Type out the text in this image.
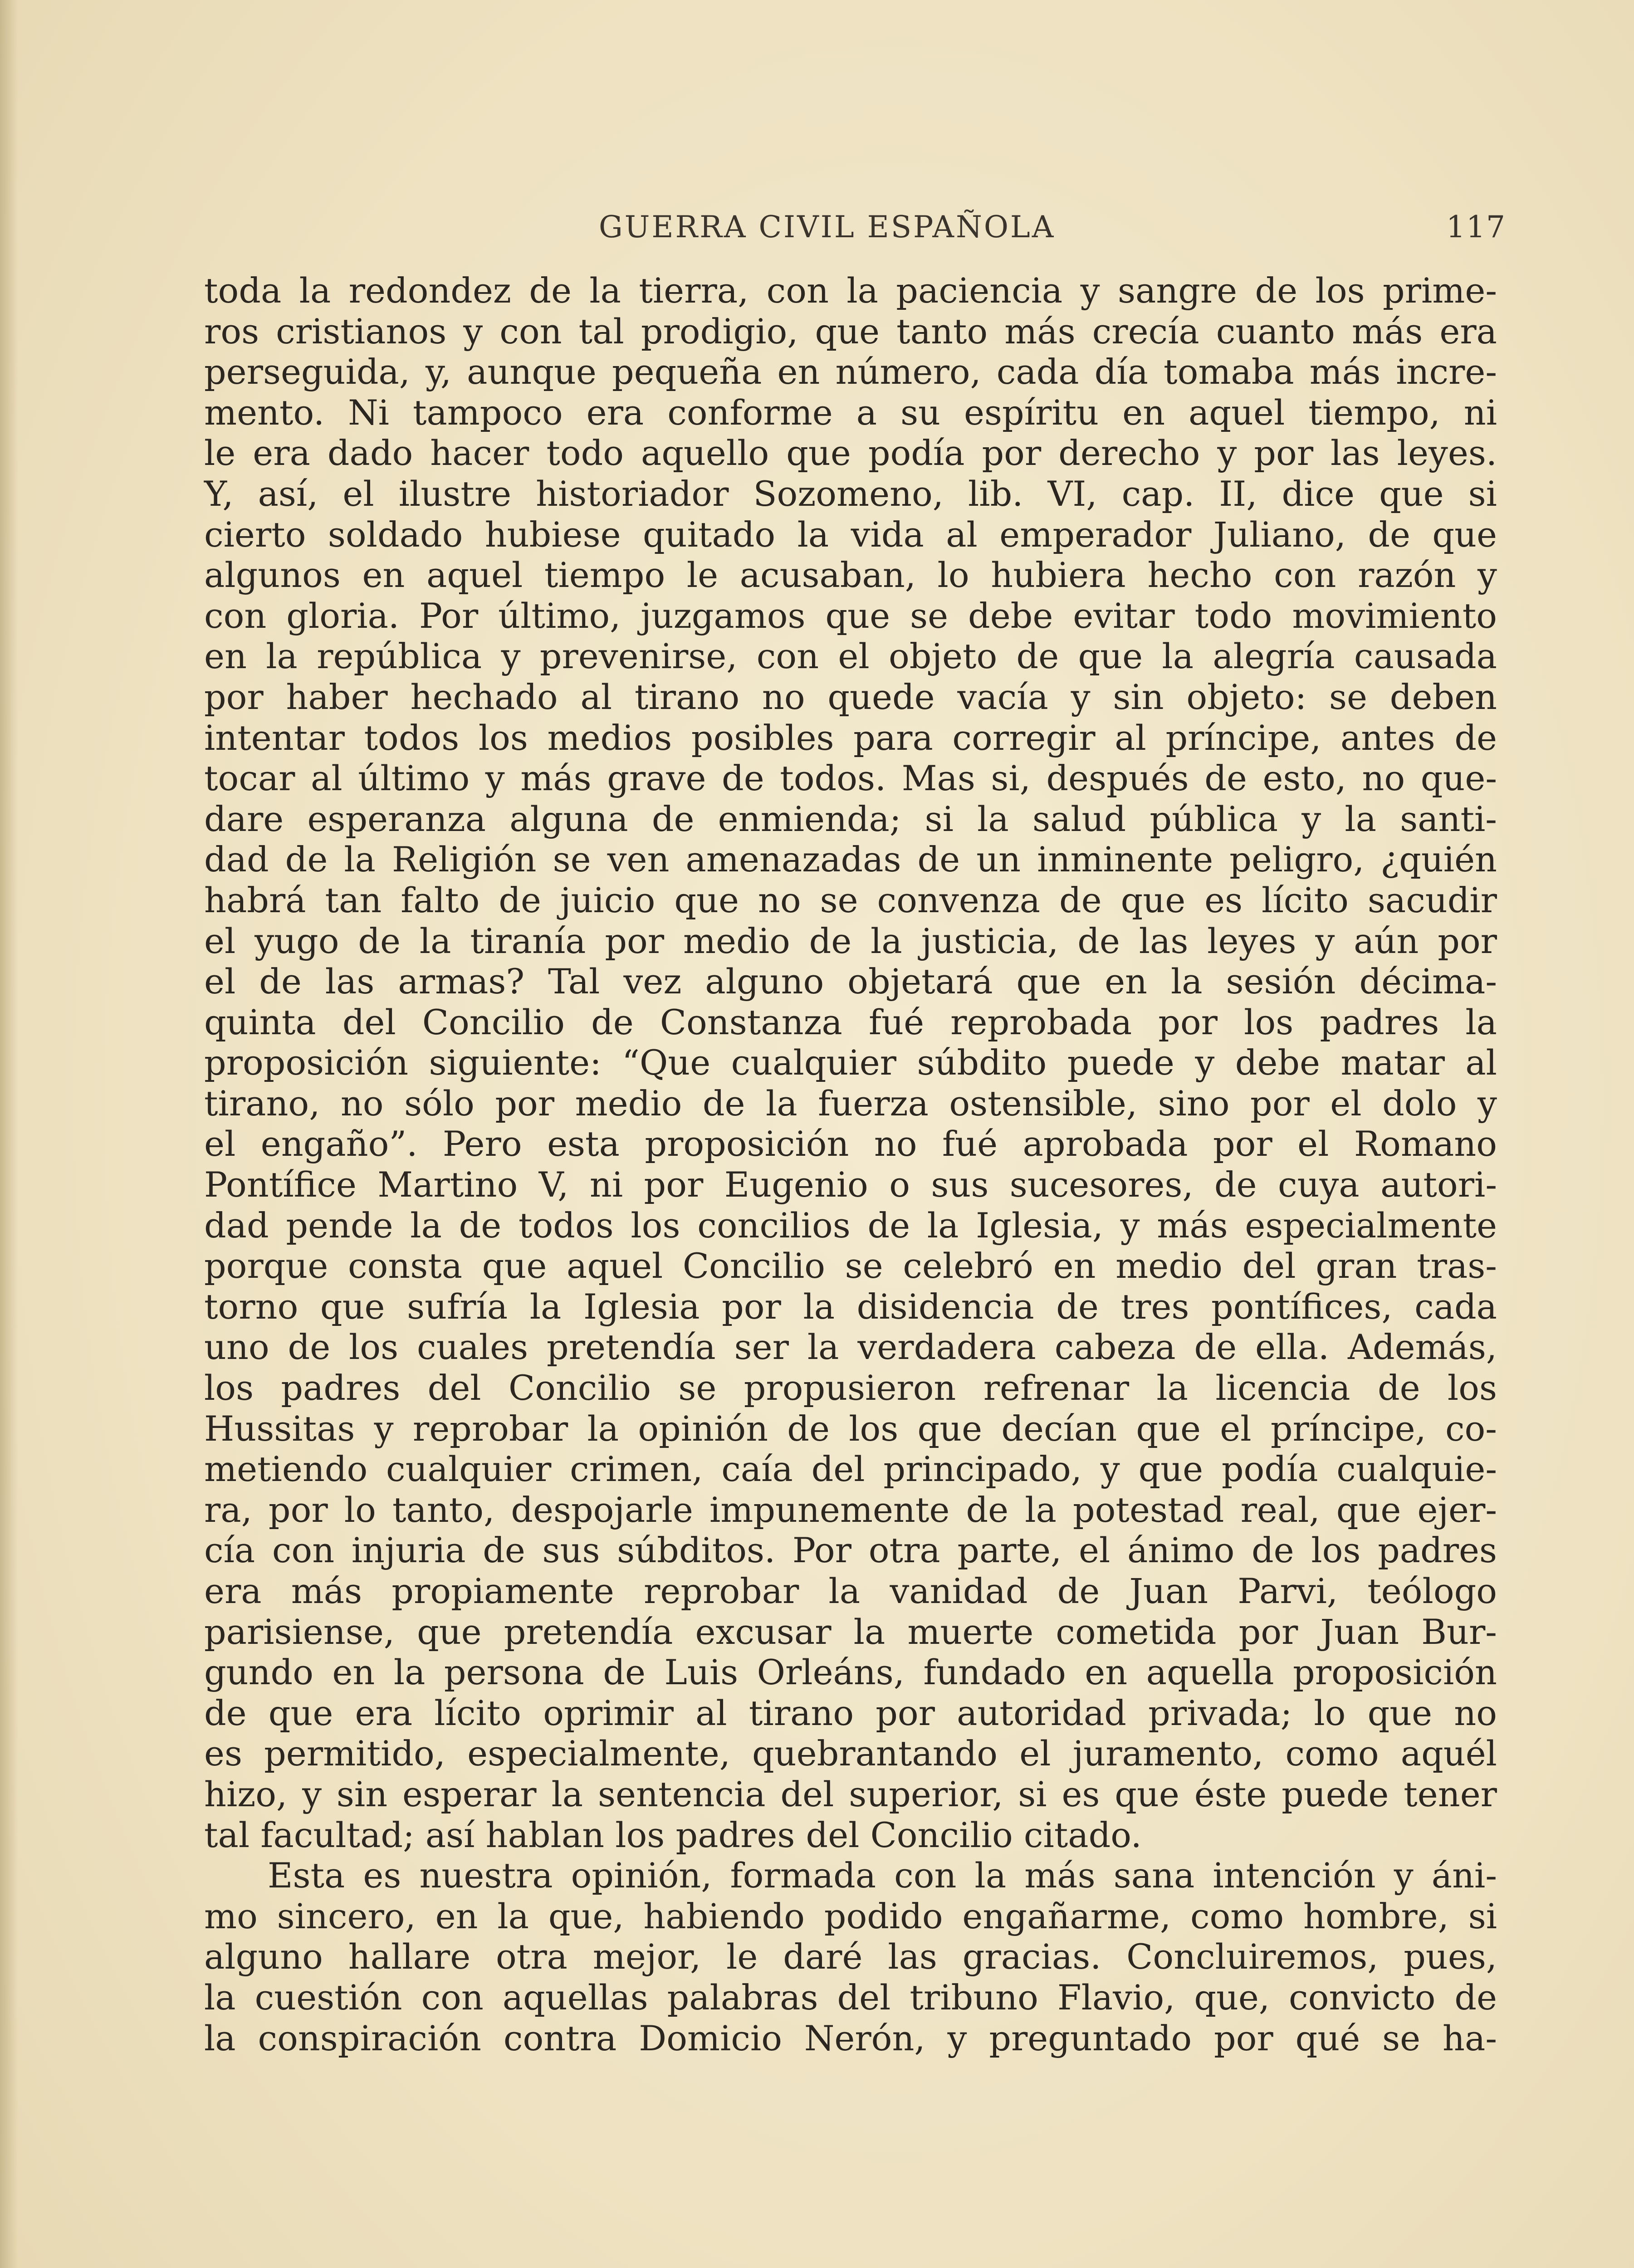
GUERRA CIVIL ESPAÑOLA	117
toda la redondez de la tierra, con la paciencia y sangre de los prime-
ros cristianos y con tal prodigio, que tanto más crecía cuanto más era
perseguida, y, aunque pequeña en número, cada día tomaba más incre-
mento. Ni tampoco era conforme a su espíritu en aquel tiempo, ni
le era dado hacer todo aquello que podía por derecho y por las leyes.
Y, así, el ilustre historiador Sozomeno, lib. VI, cap. II, dice que si
cierto soldado hubiese quitado la vida al emperador Juliano, de que
algunos en aquel tiempo le acusaban, lo hubiera hecho con razón y
con gloria. Por último, juzgamos que se debe evitar todo movimiento
en la república y prevenirse, con el objeto de que la alegría causada
por haber hechado al tirano no quede vacía y sin objeto: se deben
intentar todos los medios posibles para corregir al príncipe, antes de
tocar al último y más grave de todos. Mas si, después de esto, no que-
dare esperanza alguna de enmienda; si la salud pública y la santi-
dad de la Religión se ven amenazadas de un inminente peligro, ¿quién
habrá tan falto de juicio que no se convenza de que es lícito sacudir
el yugo de la tiranía por medio de la justicia, de las leyes y aún por
el de las armas? Tal vez alguno objetará que en la sesión décima-
quinta del Concilio de Constanza fué reprobada por los padres la
proposición siguiente: “Que cualquier súbdito puede y debe matar al
tirano, no sólo por medio de la fuerza ostensible, sino por el dolo y
el engaño”. Pero esta proposición no fué aprobada por el Romano
Pontífice Martino V, ni por Eugenio o sus sucesores, de cuya autori-
dad pende la de todos los concilios de la Iglesia, y más especialmente
porque consta que aquel Concilio se celebró en medio del gran tras-
torno que sufría la Iglesia por la disidencia de tres pontífices, cada
uno de los cuales pretendía ser la verdadera cabeza de ella. Además,
los padres del Concilio se propusieron refrenar la licencia de los
Hussitas y reprobar la opinión de los que decían que el príncipe, co-
metiendo cualquier crimen, caía del principado, y que podía cualquie-
ra, por lo tanto, despojarle impunemente de la potestad real, que ejer-
cía con injuria de sus súbditos. Por otra parte, el ánimo de los padres
era más propiamente reprobar la vanidad de Juan Parvi, teólogo
parisiense, que pretendía excusar la muerte cometida por Juan Bur-
gundo en la persona de Luis Orleáns, fundado en aquella proposición
de que era lícito oprimir al tirano por autoridad privada; lo que no
es permitido, especialmente, quebrantando el juramento, como aquél
hizo, y sin esperar la sentencia del superior, si es que éste puede tener
tal facultad; así hablan los padres del Concilio citado.
Esta es nuestra opinión, formada con la más sana intención y áni-
mo sincero, en la que, habiendo podido engañarme, como hombre, si
alguno hallare otra mejor, le daré las gracias. Concluiremos, pues,
la cuestión con aquellas palabras del tribuno Flavio, que, convicto de
la conspiración contra Domicio Nerón, y preguntado por qué se ha-
